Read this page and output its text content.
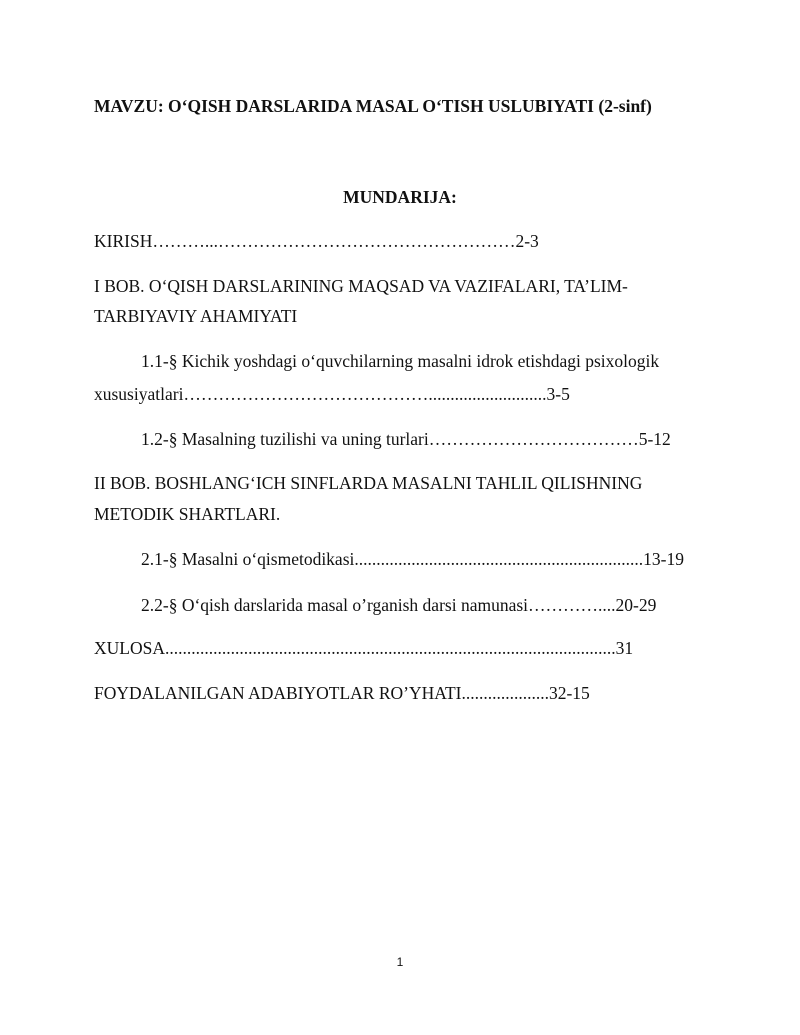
MAVZU: O‘QISH DARSLARIDA MASAL O‘TISH USLUBIYATI (2-sinf)
MUNDARIJA:
KIRISH………...……………………………………………2-3
I BOB. O‘QISH DARSLARINING MAQSAD VA VAZIFALARI, TA’LIM-
TARBIYAVIY AHAMIYATI
1.1-§ Kichik yoshdagi o‘quvchilarning masalni idrok etishdagi psixologik
xususiyatlari……………………………………...........................3-5
1.2-§ Masalning tuzilishi va uning turlari………………………………5-12
II BOB. BOSHLANG‘ICH SINFLARDA MASALNI TAHLIL QILISHNING
METODIK SHARTLARI.
2.1-§ Masalni o‘qismetodikasi..................................................................13-19
2.2-§ O‘qish darslarida masal o’rganish darsi namunasi…………....20-29
XULOSA.......................................................................................................31
FOYDALANILGAN ADABIYOTLAR RO’YHATI....................32-15
1
